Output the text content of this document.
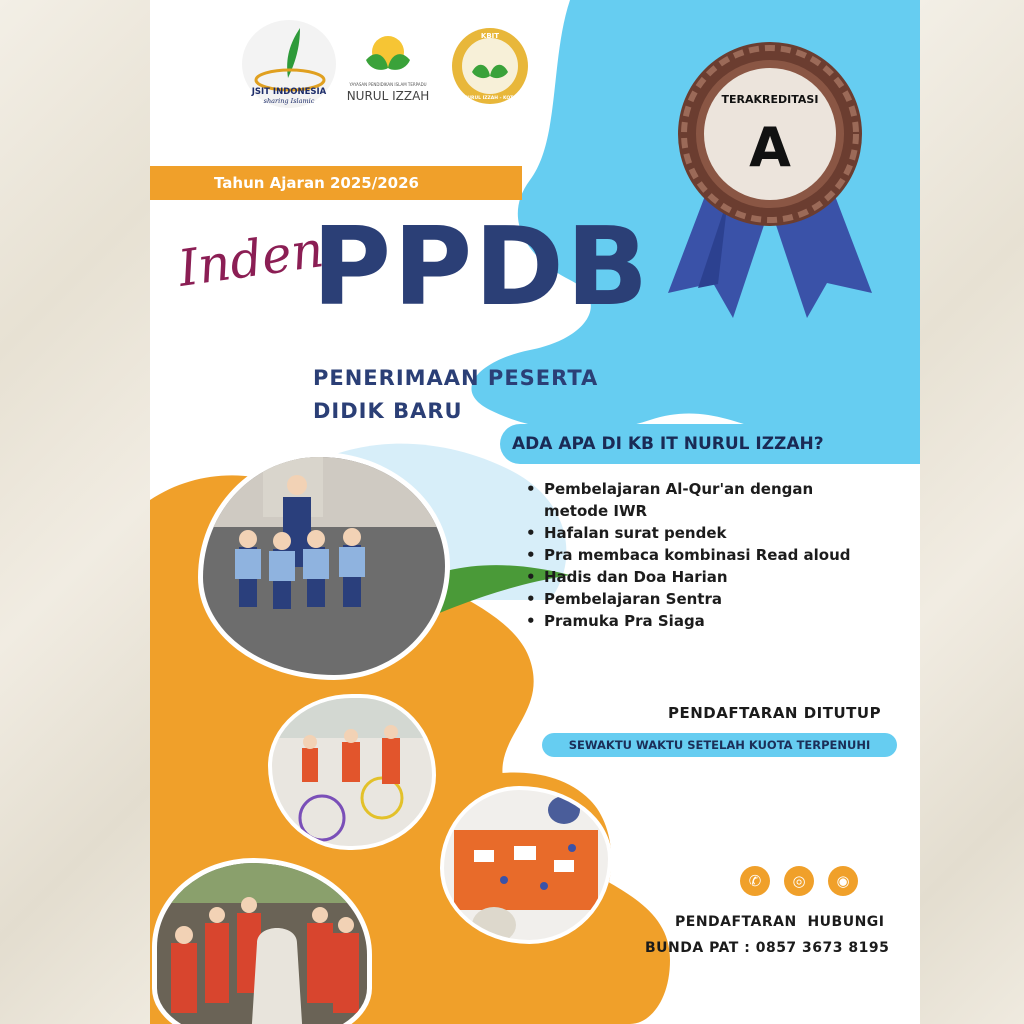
JSIT INDONESIA
sharing Islamic
YAYASAN PENDIDIKAN ISLAM TERPADU
NURUL IZZAH
KBIT
NURUL IZZAH - KOTA	TERAKREDITASI
A
Tahun Ajaran 2025/2026
Inden
PPDB
PENERIMAAN PESERTA
DIDIK BARU
ADA APA DI KB IT NURUL IZZAH?
• Pembelajaran Al-Qur'an dengan metode IWR
• Hafalan surat pendek
• Pra membaca kombinasi Read aloud
• Hadis dan Doa Harian
• Pembelajaran Sentra
• Pramuka Pra Siaga
PENDAFTARAN DITUTUP
SEWAKTU WAKTU SETELAH KUOTA TERPENUHI
✆	◎	◉
PENDAFTARAN  HUBUNGI
BUNDA PAT : 0857 3673 8195
